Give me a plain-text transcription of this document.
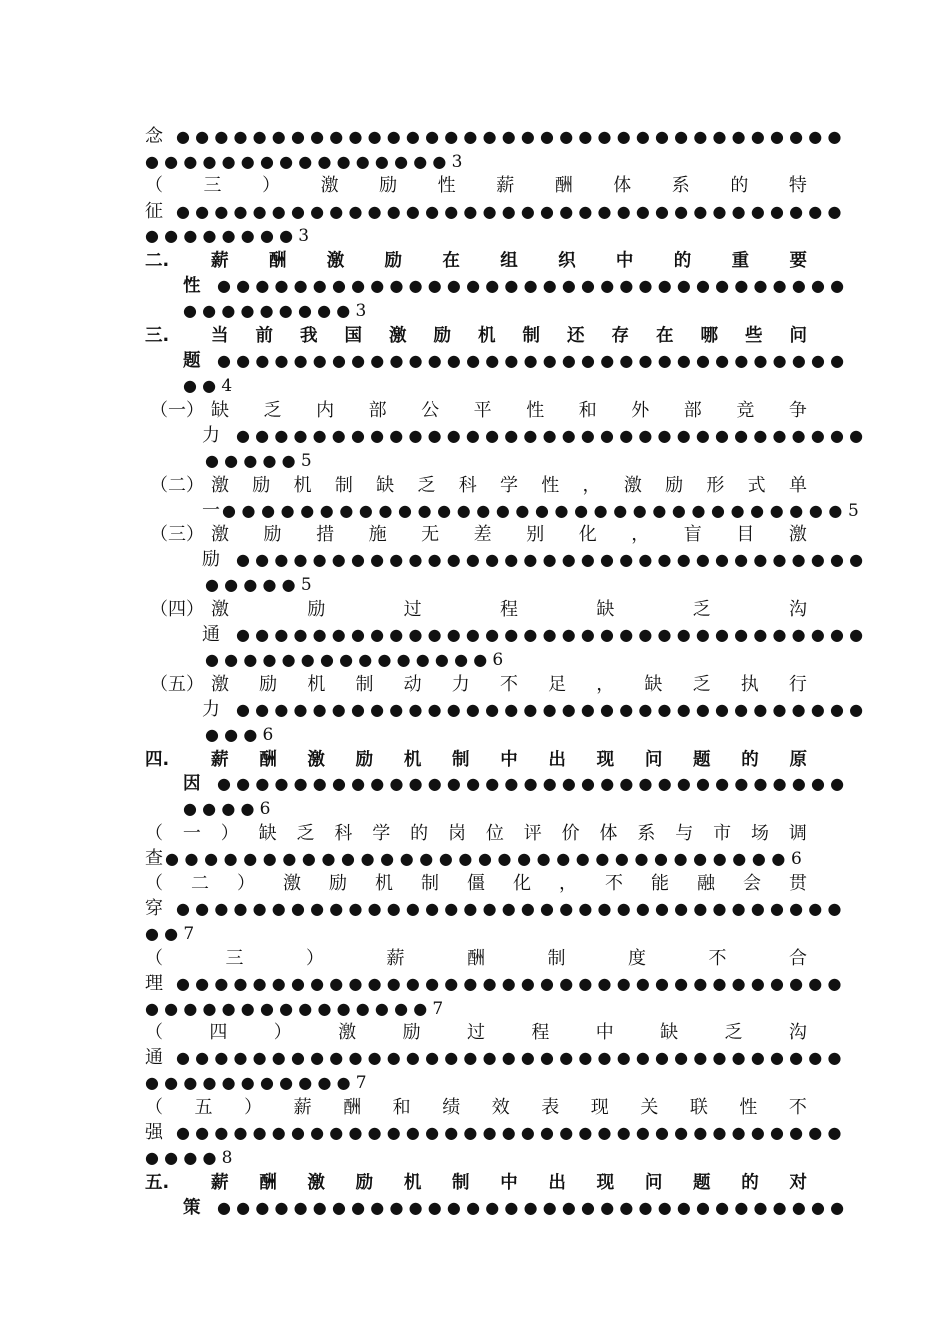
念 ●●●●●●●●●●●●●●●●●●●●●●●●●●●●●●●●●●●
●●●●●●●●●●●●●●●●3
（ 三 ） 激 励 性 薪 酬 体 系 的 特
征 ●●●●●●●●●●●●●●●●●●●●●●●●●●●●●●●●●●●
●●●●●●●●3
二. 薪 酬 激 励 在 组 织 中 的 重 要
性 ●●●●●●●●●●●●●●●●●●●●●●●●●●●●●●●●●
●●●●●●●●●3
三. 当 前 我 国 激 励 机 制 还 存 在 哪 些 问
题 ●●●●●●●●●●●●●●●●●●●●●●●●●●●●●●●●●
●●4
（一） 缺 乏 内 部 公 平 性 和 外 部 竞 争
力 ●●●●●●●●●●●●●●●●●●●●●●●●●●●●●●●●●
●●●●●5
（二） 激 励 机 制 缺 乏 科 学 性 ， 激 励 形 式 单
一 ●●●●●●●●●●●●●●●●●●●●●●●●●●●●●●●●5
（三） 激 励 措 施 无 差 别 化 ， 盲 目 激
励 ●●●●●●●●●●●●●●●●●●●●●●●●●●●●●●●●●
●●●●●5
（四） 激	励	过	程	缺	乏	沟
通 ●●●●●●●●●●●●●●●●●●●●●●●●●●●●●●●●●
●●●●●●●●●●●●●●●6
（五） 激 励 机 制 动 力 不 足 ， 缺 乏 执 行
力 ●●●●●●●●●●●●●●●●●●●●●●●●●●●●●●●●●
●●●6
四. 薪 酬 激 励 机 制 中 出 现 问 题 的 原
因 ●●●●●●●●●●●●●●●●●●●●●●●●●●●●●●●●●
●●●●6
（ 一 ） 缺 乏 科 学 的 岗 位 评 价 体 系 与 市 场 调
查 ●●●●●●●●●●●●●●●●●●●●●●●●●●●●●●●●6
（ 二 ） 激 励 机 制 僵 化 ， 不 能 融 会 贯
穿 ●●●●●●●●●●●●●●●●●●●●●●●●●●●●●●●●●●●
●●7
（	三	）	薪	酬	制	度	不	合
理 ●●●●●●●●●●●●●●●●●●●●●●●●●●●●●●●●●●●
●●●●●●●●●●●●●●●7
（	四	）	激	励	过	程	中	缺	乏	沟
通 ●●●●●●●●●●●●●●●●●●●●●●●●●●●●●●●●●●●
●●●●●●●●●●●7
（ 五 ） 薪 酬 和 绩 效 表 现 关 联 性 不
强 ●●●●●●●●●●●●●●●●●●●●●●●●●●●●●●●●●●●
●●●●8
五. 薪 酬 激 励 机 制 中 出 现 问 题 的 对
策 ●●●●●●●●●●●●●●●●●●●●●●●●●●●●●●●●●
